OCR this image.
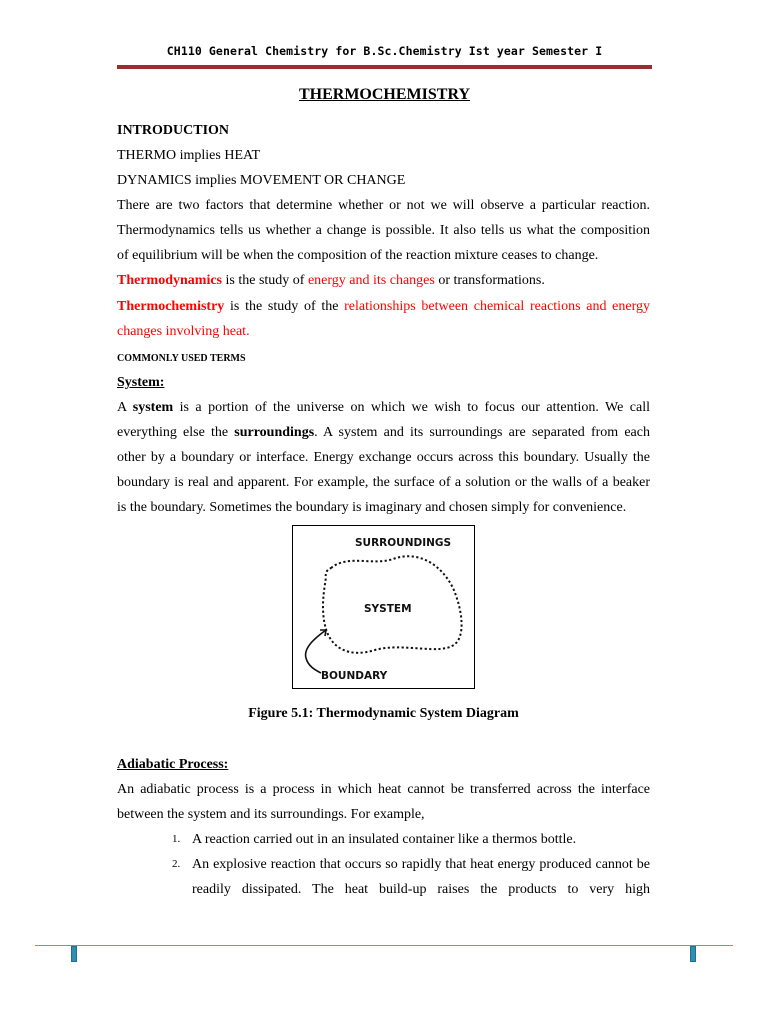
CH110 General Chemistry for B.Sc.Chemistry Ist year Semester I
THERMOCHEMISTRY
INTRODUCTION
THERMO implies HEAT
DYNAMICS implies MOVEMENT OR CHANGE
There are two factors that determine whether or not we will observe a particular reaction.
Thermodynamics tells us whether a change is possible. It also tells us what the composition
of equilibrium will be when the composition of the reaction mixture ceases to change.
Thermodynamics is the study of energy and its changes or transformations.
Thermochemistry is the study of the relationships between chemical reactions and energy
changes involving heat.
COMMONLY USED TERMS
System:
A system is a portion of the universe on which we wish to focus our attention. We call
everything else the surroundings. A system and its surroundings are separated from each
other by a boundary or interface. Energy exchange occurs across this boundary. Usually the
boundary is real and apparent. For example, the surface of a solution or the walls of a beaker
is the boundary. Sometimes the boundary is imaginary and chosen simply for convenience.
SURROUNDINGS
SYSTEM
BOUNDARY
Figure 5.1: Thermodynamic System Diagram
Adiabatic Process:
An adiabatic process is a process in which heat cannot be transferred across the interface
between the system and its surroundings. For example,
1. A reaction carried out in an insulated container like a thermos bottle.
2. An explosive reaction that occurs so rapidly that heat energy produced cannot be
readily dissipated. The heat build-up raises the products to very high
